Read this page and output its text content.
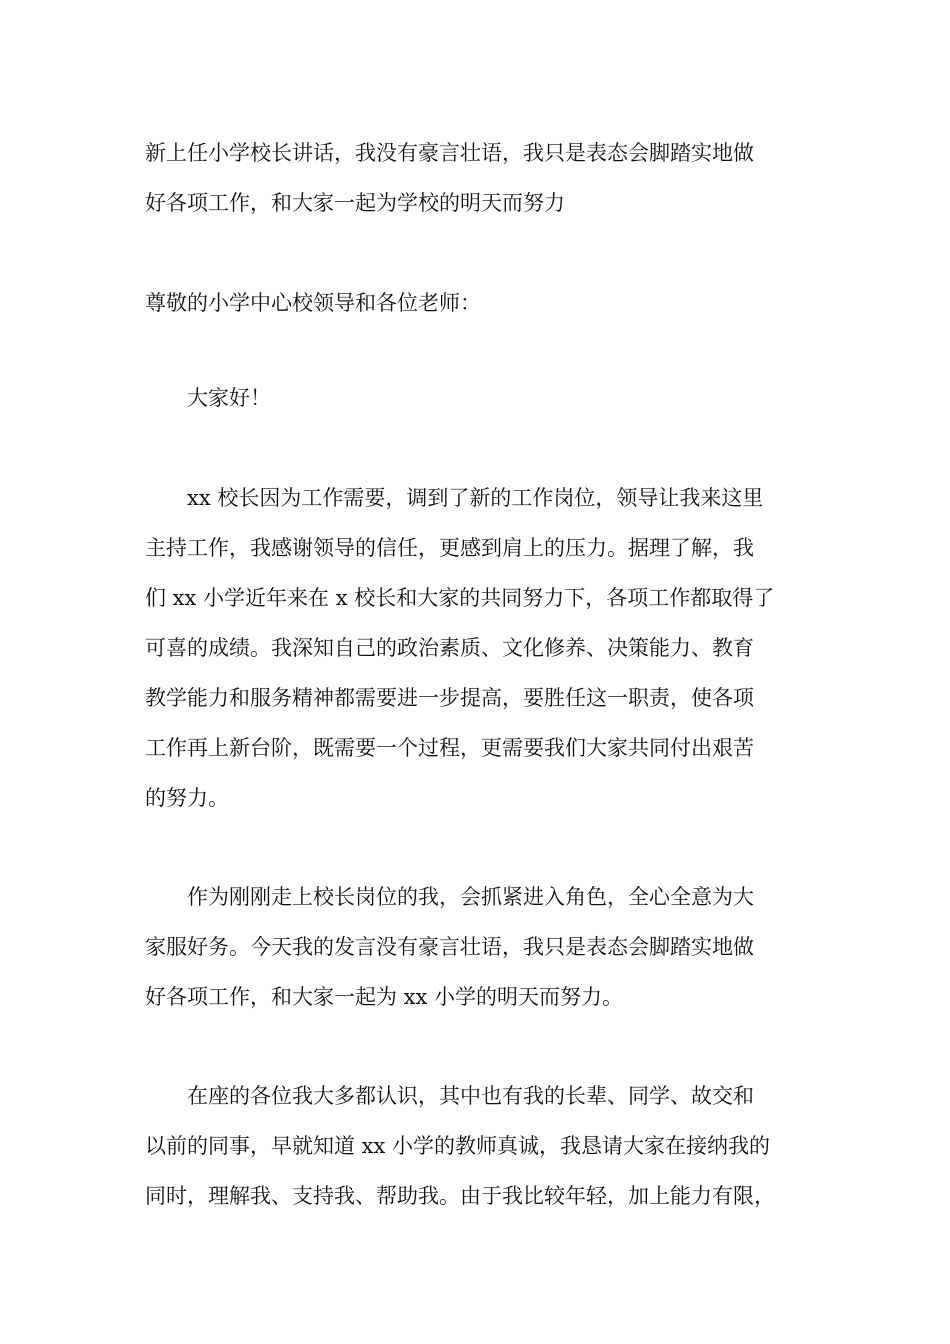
新上任小学校长讲话，我没有豪言壮语，我只是表态会脚踏实地做
好各项工作，和大家一起为学校的明天而努力
尊敬的小学中心校领导和各位老师：
大家好！
xx 校长因为工作需要，调到了新的工作岗位，领导让我来这里
主持工作，我感谢领导的信任，更感到肩上的压力。据理了解，我
们 xx 小学近年来在 x 校长和大家的共同努力下，各项工作都取得了
可喜的成绩。我深知自己的政治素质、文化修养、决策能力、教育
教学能力和服务精神都需要进一步提高，要胜任这一职责，使各项
工作再上新台阶，既需要一个过程，更需要我们大家共同付出艰苦
的努力。
作为刚刚走上校长岗位的我，会抓紧进入角色，全心全意为大
家服好务。今天我的发言没有豪言壮语，我只是表态会脚踏实地做
好各项工作，和大家一起为 xx 小学的明天而努力。
在座的各位我大多都认识，其中也有我的长辈、同学、故交和
以前的同事，早就知道 xx 小学的教师真诚，我恳请大家在接纳我的
同时，理解我、支持我、帮助我。由于我比较年轻，加上能力有限，
